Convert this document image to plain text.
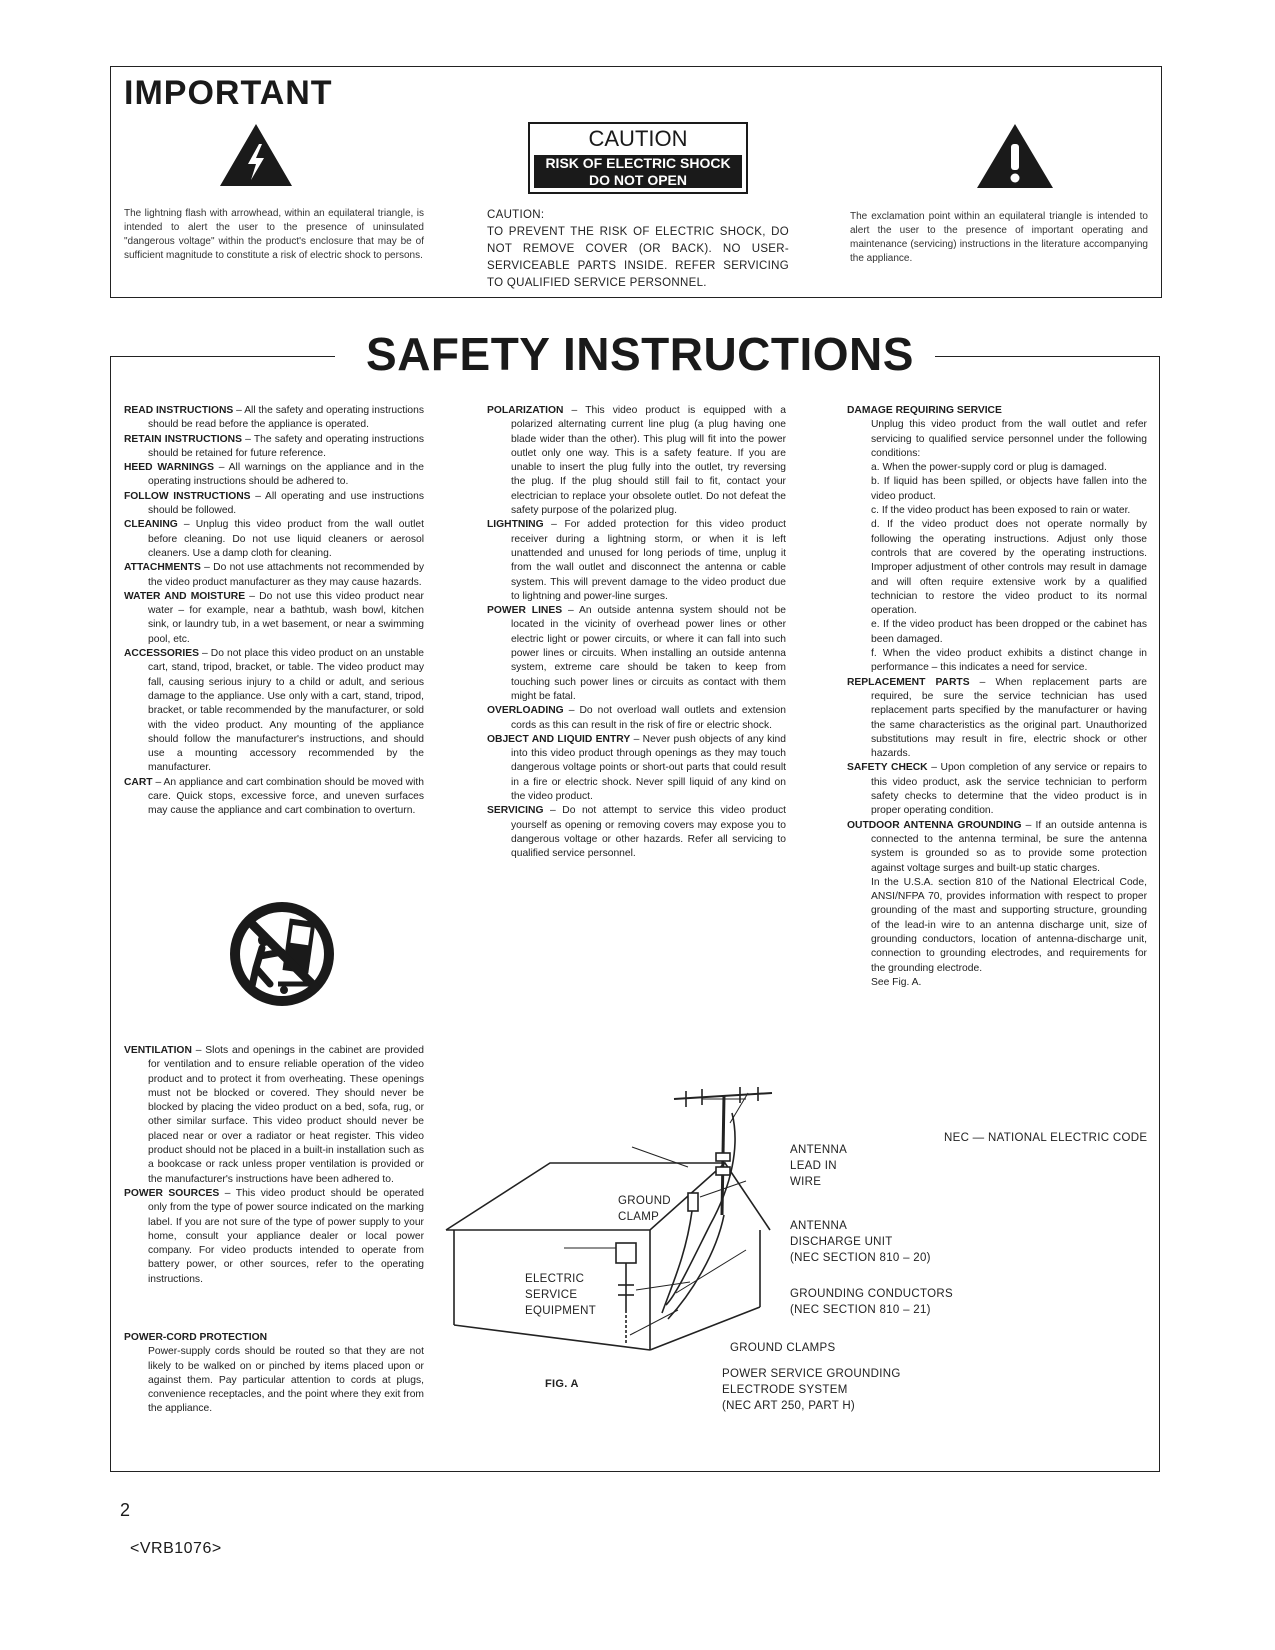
IMPORTANT
The lightning flash with arrowhead, within an equilateral triangle, is intended to alert the user to the presence of uninsulated "dangerous voltage" within the product's enclosure that may be of sufficient magnitude to constitute a risk of electric shock to persons.
CAUTION
RISK OF ELECTRIC SHOCK
DO NOT OPEN
CAUTION:
TO PREVENT THE RISK OF ELECTRIC SHOCK, DO NOT REMOVE COVER (OR BACK). NO USER-SERVICEABLE PARTS INSIDE. REFER SERVICING TO QUALIFIED SERVICE PERSONNEL.
The exclamation point within an equilateral triangle is intended to alert the user to the presence of important operating and maintenance (servicing) instructions in the literature accompanying the appliance.
SAFETY INSTRUCTIONS

READ INSTRUCTIONS – All the safety and operating instructions should be read before the appliance is operated.

RETAIN INSTRUCTIONS – The safety and operating instructions should be retained for future reference.

HEED WARNINGS – All warnings on the appliance and in the operating instructions should be adhered to.

FOLLOW INSTRUCTIONS – All operating and use instructions should be followed.

CLEANING – Unplug this video product from the wall outlet before cleaning. Do not use liquid cleaners or aerosol cleaners. Use a damp cloth for cleaning.

ATTACHMENTS – Do not use attachments not recommended by the video product manufacturer as they may cause hazards.

WATER AND MOISTURE – Do not use this video product near water – for example, near a bathtub, wash bowl, kitchen sink, or laundry tub, in a wet basement, or near a swimming pool, etc.

ACCESSORIES – Do not place this video product on an unstable cart, stand, tripod, bracket, or table. The video product may fall, causing serious injury to a child or adult, and serious damage to the appliance. Use only with a cart, stand, tripod, bracket, or table recommended by the manufacturer, or sold with the video product. Any mounting of the appliance should follow the manufacturer's instructions, and should use a mounting accessory recommended by the manufacturer.

CART – An appliance and cart combination should be moved with care. Quick stops, excessive force, and uneven surfaces may cause the appliance and cart combination to overturn.

VENTILATION – Slots and openings in the cabinet are provided for ventilation and to ensure reliable operation of the video product and to protect it from overheating. These openings must not be blocked or covered. They should never be blocked by placing the video product on a bed, sofa, rug, or other similar surface. This video product should never be placed near or over a radiator or heat register. This video product should not be placed in a built-in installation such as a bookcase or rack unless proper ventilation is provided or the manufacturer's instructions have been adhered to.

POWER SOURCES – This video product should be operated only from the type of power source indicated on the marking label. If you are not sure of the type of power supply to your home, consult your appliance dealer or local power company. For video products intended to operate from battery power, or other sources, refer to the operating instructions.

POWER-CORD PROTECTION

Power-supply cords should be routed so that they are not likely to be walked on or pinched by items placed upon or against them. Pay particular attention to cords at plugs, convenience receptacles, and the point where they exit from the appliance.

POLARIZATION – This video product is equipped with a polarized alternating current line plug (a plug having one blade wider than the other). This plug will fit into the power outlet only one way. This is a safety feature. If you are unable to insert the plug fully into the outlet, try reversing the plug. If the plug should still fail to fit, contact your electrician to replace your obsolete outlet. Do not defeat the safety purpose of the polarized plug.

LIGHTNING – For added protection for this video product receiver during a lightning storm, or when it is left unattended and unused for long periods of time, unplug it from the wall outlet and disconnect the antenna or cable system. This will prevent damage to the video product due to lightning and power-line surges.

POWER LINES – An outside antenna system should not be located in the vicinity of overhead power lines or other electric light or power circuits, or where it can fall into such power lines or circuits. When installing an outside antenna system, extreme care should be taken to keep from touching such power lines or circuits as contact with them might be fatal.

OVERLOADING – Do not overload wall outlets and extension cords as this can result in the risk of fire or electric shock.

OBJECT AND LIQUID ENTRY – Never push objects of any kind into this video product through openings as they may touch dangerous voltage points or short-out parts that could result in a fire or electric shock. Never spill liquid of any kind on the video product.

SERVICING – Do not attempt to service this video product yourself as opening or removing covers may expose you to dangerous voltage or other hazards. Refer all servicing to qualified service personnel.

DAMAGE REQUIRING SERVICE

Unplug this video product from the wall outlet and refer servicing to qualified service personnel under the following conditions:

a. When the power-supply cord or plug is damaged.

b. If liquid has been spilled, or objects have fallen into the video product.

c. If the video product has been exposed to rain or water.

d. If the video product does not operate normally by following the operating instructions. Adjust only those controls that are covered by the operating instructions. Improper adjustment of other controls may result in damage and will often require extensive work by a qualified technician to restore the video product to its normal operation.

e. If the video product has been dropped or the cabinet has been damaged.

f. When the video product exhibits a distinct change in performance – this indicates a need for service.

REPLACEMENT PARTS – When replacement parts are required, be sure the service technician has used replacement parts specified by the manufacturer or having the same characteristics as the original part. Unauthorized substitutions may result in fire, electric shock or other hazards.

SAFETY CHECK – Upon completion of any service or repairs to this video product, ask the service technician to perform safety checks to determine that the video product is in proper operating condition.

OUTDOOR ANTENNA GROUNDING – If an outside antenna is connected to the antenna terminal, be sure the antenna system is grounded so as to provide some protection against voltage surges and built-up static charges.

In the U.S.A. section 810 of the National Electrical Code, ANSI/NFPA 70, provides information with respect to proper grounding of the mast and supporting structure, grounding of the lead-in wire to an antenna discharge unit, size of grounding conductors, location of antenna-discharge unit, connection to grounding electrodes, and requirements for the grounding electrode.

See Fig. A.

NEC — NATIONAL ELECTRIC CODE
ANTENNA
LEAD IN
WIRE
GROUND
CLAMP
ANTENNA
DISCHARGE UNIT
(NEC SECTION 810 – 20)
ELECTRIC
SERVICE
EQUIPMENT
GROUNDING CONDUCTORS
(NEC SECTION 810 – 21)
GROUND CLAMPS
POWER SERVICE GROUNDING
ELECTRODE SYSTEM
(NEC ART 250, PART H)
FIG. A
2
<VRB1076>
